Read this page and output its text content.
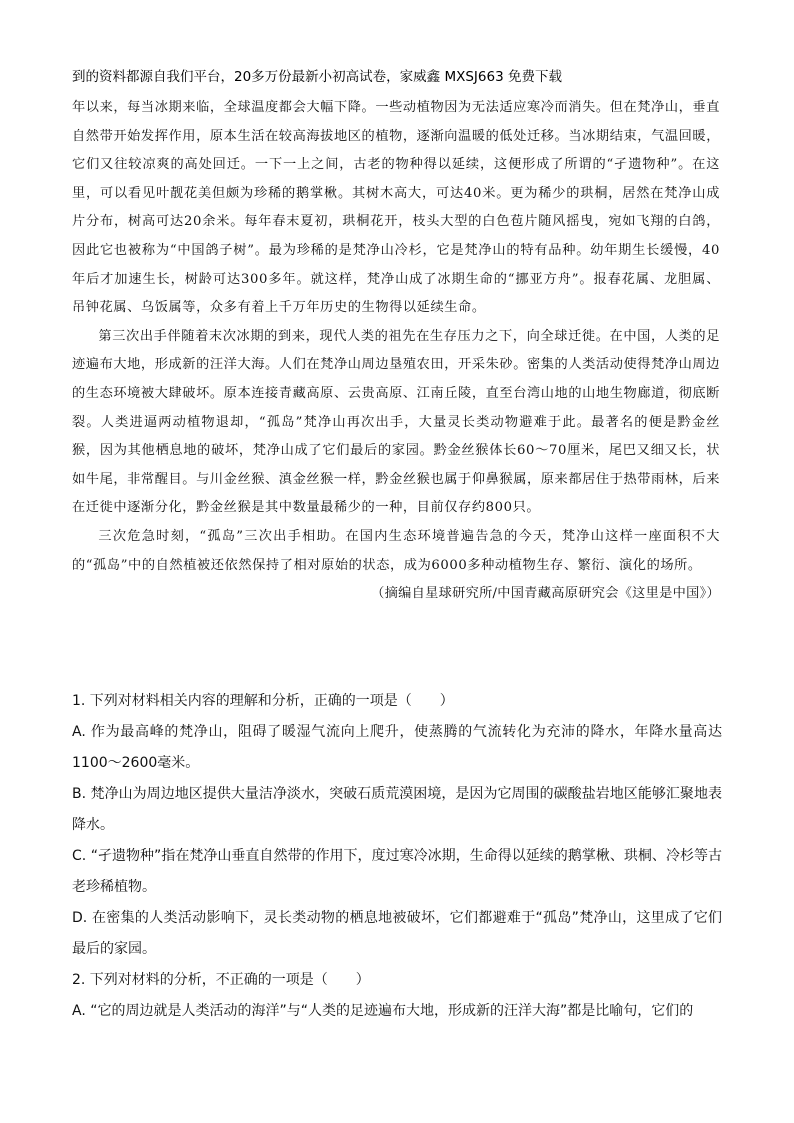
到的资料都源自我们平台，20多万份最新小初高试卷，家威鑫 MXSJ663 免费下载

年以来，每当冰期来临，全球温度都会大幅下降。一些动植物因为无法适应寒冷而消失。但在梵净山，垂直自然带开始发挥作用，原本生活在较高海拔地区的植物，逐渐向温暖的低处迁移。当冰期结束，气温回暖，它们又往较凉爽的高处回迁。一下一上之间，古老的物种得以延续，这便形成了所谓的“孑遗物种”。在这里，可以看见叶靓花美但颇为珍稀的鹅掌楸。其树木高大，可达40米。更为稀少的珙桐，居然在梵净山成片分布，树高可达20余米。每年春末夏初，珙桐花开，枝头大型的白色苞片随风摇曳，宛如飞翔的白鸽，因此它也被称为“中国鸽子树”。最为珍稀的是梵净山冷杉，它是梵净山的特有品种。幼年期生长缓慢，40年后才加速生长，树龄可达300多年。就这样，梵净山成了冰期生命的“挪亚方舟”。报春花属、龙胆属、吊钟花属、乌饭属等，众多有着上千万年历史的生物得以延续生命。

第三次出手伴随着末次冰期的到来，现代人类的祖先在生存压力之下，向全球迁徙。在中国，人类的足迹遍布大地，形成新的汪洋大海。人们在梵净山周边垦殖农田，开采朱砂。密集的人类活动使得梵净山周边的生态环境被大肆破坏。原本连接青藏高原、云贵高原、江南丘陵，直至台湾山地的山地生物廊道，彻底断裂。人类进逼两动植物退却，“孤岛”梵净山再次出手，大量灵长类动物避难于此。最著名的便是黔金丝猴，因为其他栖息地的破坏，梵净山成了它们最后的家园。黔金丝猴体长60～70厘米，尾巴又细又长，状如牛尾，非常醒目。与川金丝猴、滇金丝猴一样，黔金丝猴也属于仰鼻猴属，原来都居住于热带雨林，后来在迁徙中逐渐分化，黔金丝猴是其中数量最稀少的一种，目前仅存约800只。

三次危急时刻，“孤岛”三次出手相助。在国内生态环境普遍告急的今天，梵净山这样一座面积不大的“孤岛”中的自然植被还依然保持了相对原始的状态，成为6000多种动植物生存、繁衍、演化的场所。

（摘编自星球研究所/中国青藏高原研究会《这里是中国》）

1. 下列对材料相关内容的理解和分析，正确的一项是（　　）

A. 作为最高峰的梵净山，阻碍了暖湿气流向上爬升，使蒸腾的气流转化为充沛的降水，年降水量高达1100～2600毫米。

B. 梵净山为周边地区提供大量洁净淡水，突破石质荒漠困境，是因为它周围的碳酸盐岩地区能够汇聚地表降水。

C. “孑遗物种”指在梵净山垂直自然带的作用下，度过寒冷冰期，生命得以延续的鹅掌楸、珙桐、冷杉等古老珍稀植物。

D. 在密集的人类活动影响下，灵长类动物的栖息地被破坏，它们都避难于“孤岛”梵净山，这里成了它们最后的家园。

2. 下列对材料的分析，不正确的一项是（　　）

A. “它的周边就是人类活动的海洋”与“人类的足迹遍布大地，形成新的汪洋大海”都是比喻句，它们的
